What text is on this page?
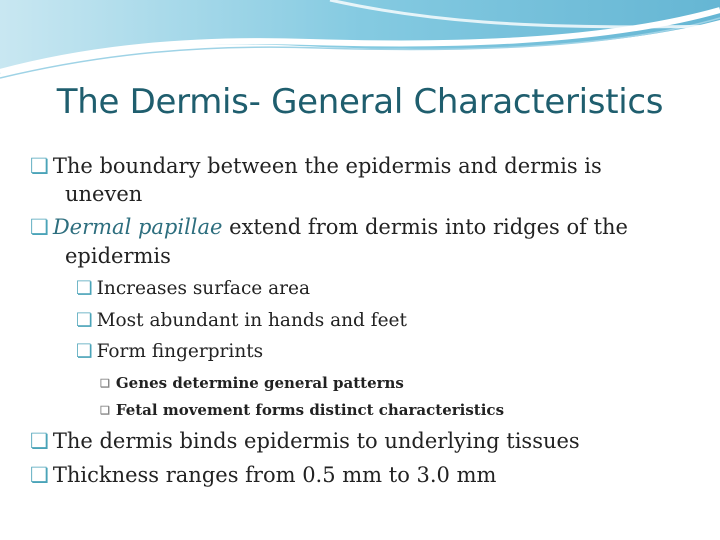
The Dermis- General Characteristics
❏ The boundary between the epidermis and dermis is
uneven
❏ Dermal papillae extend from dermis into ridges of the
epidermis
❏ Increases surface area
❏ Most abundant in hands and feet
❏ Form fingerprints
❏ Genes determine general patterns
❏ Fetal movement forms distinct characteristics
❏ The dermis binds epidermis to underlying tissues
❏ Thickness ranges from 0.5 mm to 3.0 mm
